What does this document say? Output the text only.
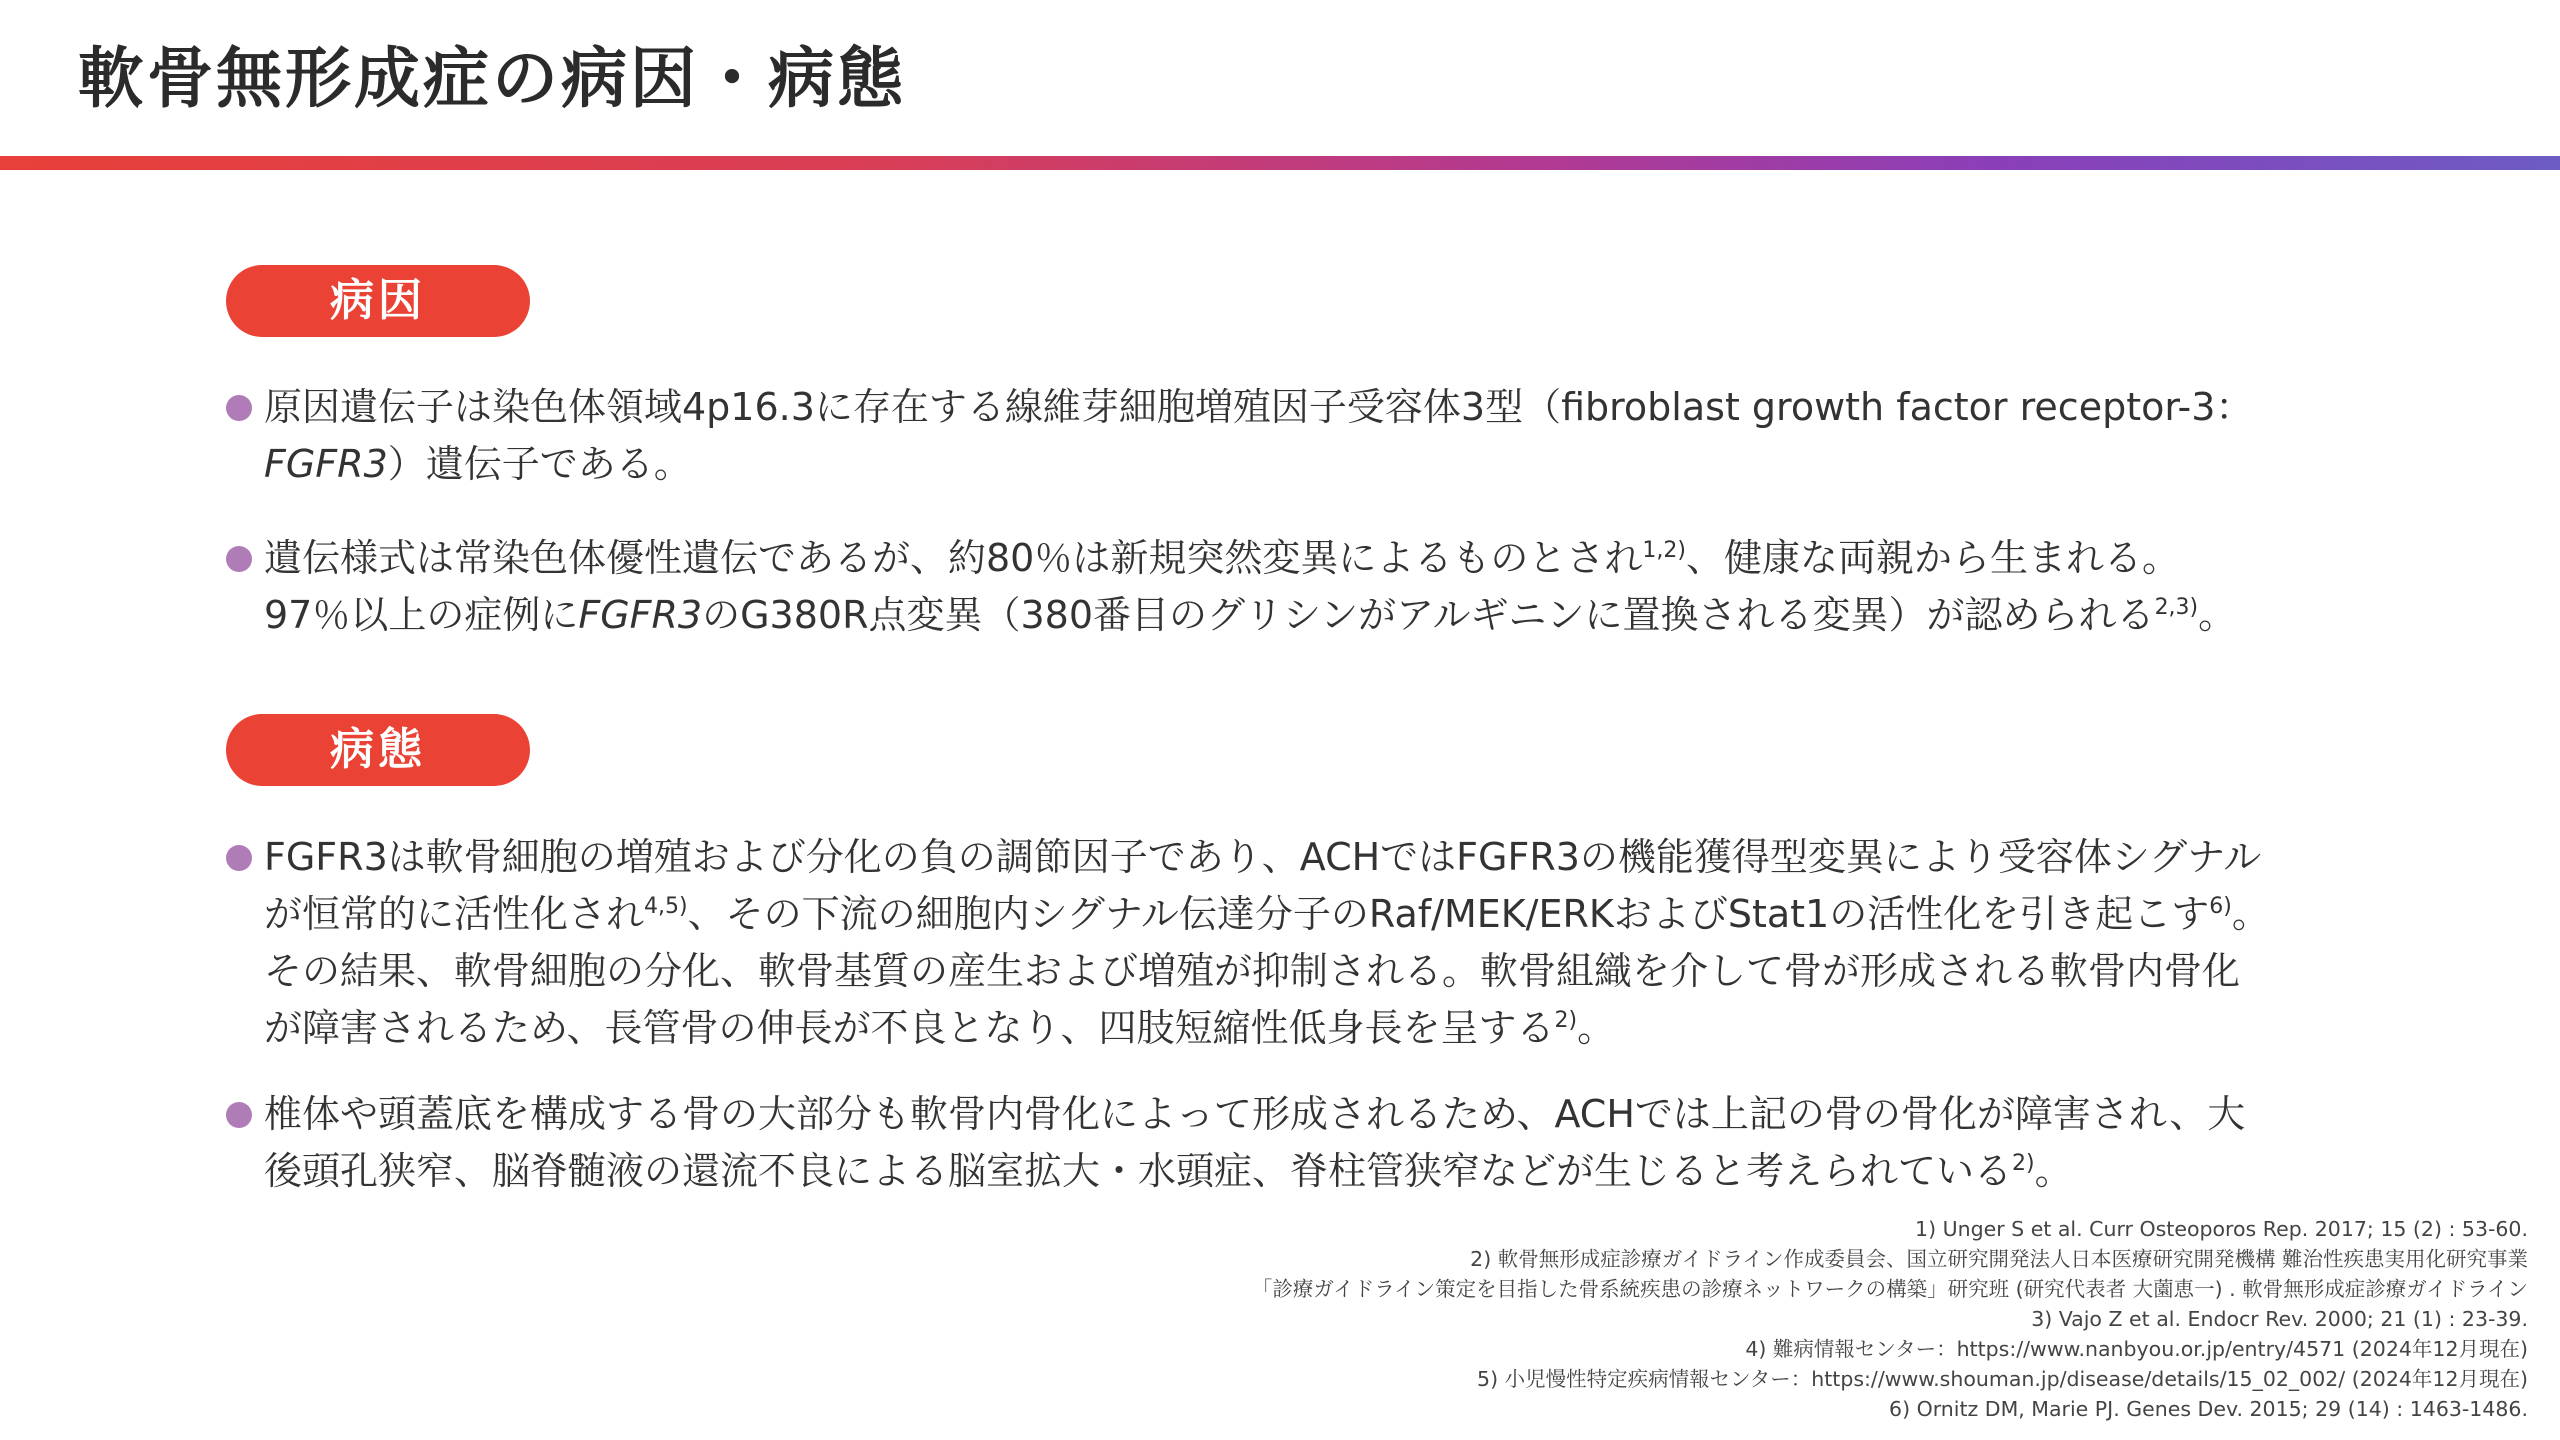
軟骨無形成症の病因・病態
病因
原因遺伝子は染色体領域4p16.3に存在する線維芽細胞増殖因子受容体3型（fibroblast growth factor receptor-3：
FGFR3）遺伝子である。
遺伝様式は常染色体優性遺伝であるが、約80％は新規突然変異によるものとされ$^{1,2)}$、健康な両親から生まれる。
97％以上の症例にFGFR3のG380R点変異（380番目のグリシンがアルギニンに置換される変異）が認められる$^{2,3)}$。
病態
FGFR3は軟骨細胞の増殖および分化の負の調節因子であり、ACHではFGFR3の機能獲得型変異により受容体シグナル
が恒常的に活性化され$^{4,5)}$、その下流の細胞内シグナル伝達分子のRaf/MEK/ERKおよびStat1の活性化を引き起こす$^{6)}$。
その結果、軟骨細胞の分化、軟骨基質の産生および増殖が抑制される。軟骨組織を介して骨が形成される軟骨内骨化
が障害されるため、長管骨の伸長が不良となり、四肢短縮性低身長を呈する$^{2)}$。
椎体や頭蓋底を構成する骨の大部分も軟骨内骨化によって形成されるため、ACHでは上記の骨の骨化が障害され、大
後頭孔狭窄、脳脊髄液の還流不良による脳室拡大・水頭症、脊柱管狭窄などが生じると考えられている$^{2)}$。
1) Unger S et al. Curr Osteoporos Rep. 2017; 15 (2) : 53-60.
2) 軟骨無形成症診療ガイドライン作成委員会、国立研究開発法人日本医療研究開発機構 難治性疾患実用化研究事業
「診療ガイドライン策定を目指した骨系統疾患の診療ネットワークの構築」研究班 (研究代表者 大薗恵一) . 軟骨無形成症診療ガイドライン
3) Vajo Z et al. Endocr Rev. 2000; 21 (1) : 23-39.
4) 難病情報センター：https://www.nanbyou.or.jp/entry/4571 (2024年12月現在)
5) 小児慢性特定疾病情報センター：https://www.shouman.jp/disease/details/15_02_002/ (2024年12月現在)
6) Ornitz DM, Marie PJ. Genes Dev. 2015; 29 (14) : 1463-1486.
